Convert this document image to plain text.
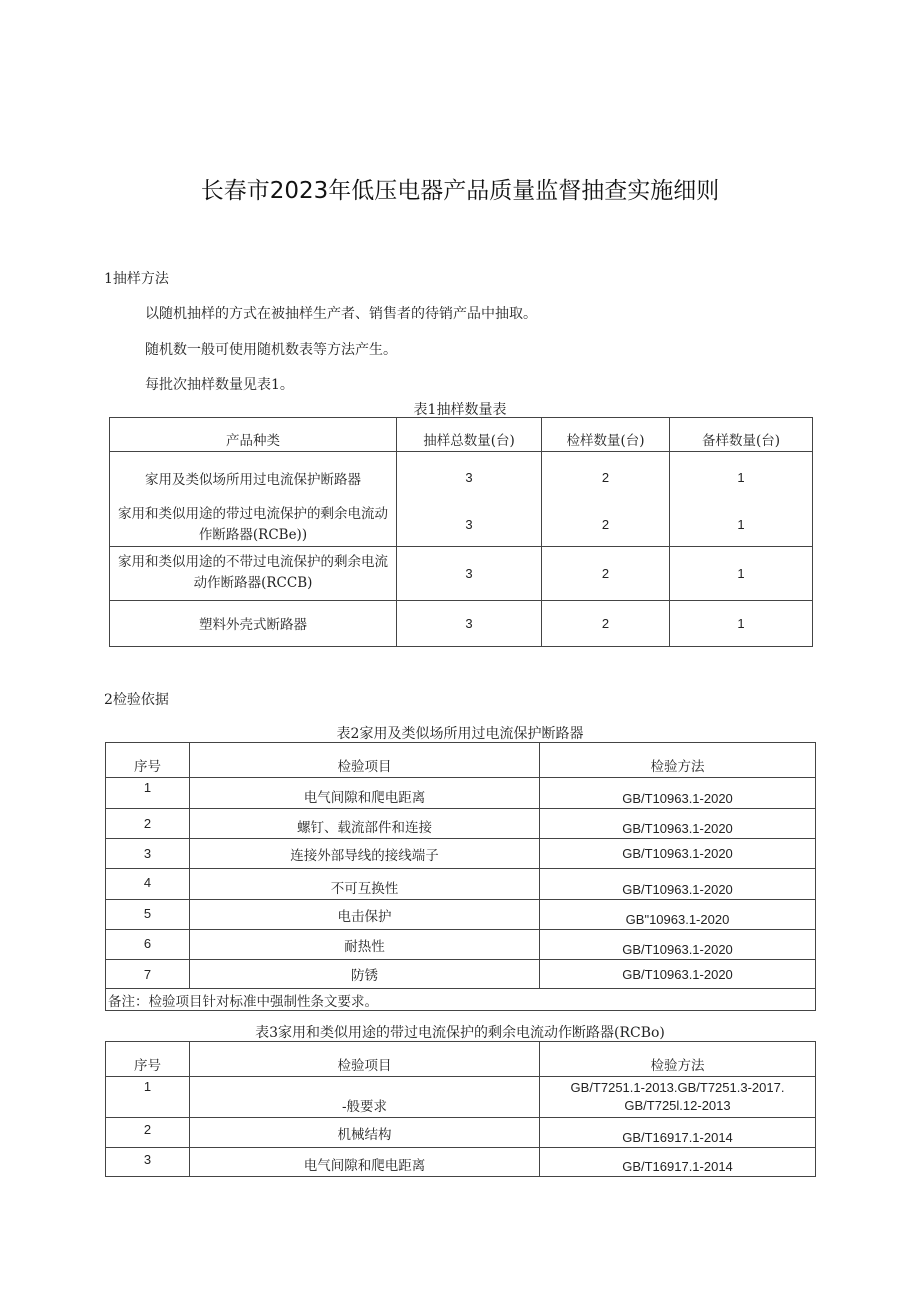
长春市2023年低压电器产品质量监督抽查实施细则
1抽样方法
以随机抽样的方式在被抽样生产者、销售者的待销产品中抽取。
随机数一般可使用随机数表等方法产生。
每批次抽样数量见表1。
表1抽样数量表
产品种类	抽样总数量(台)	检样数量(台)	备样数量(台)
家用及类似场所用过电流保护断路器	3	2	1
家用和类似用途的带过电流保护的剩余电流动作断路器(RCBe))	3	2	1
家用和类似用途的不带过电流保护的剩余电流动作断路器(RCCB)	3	2	1
塑料外壳式断路器	3	2	1
2检验依据
表2家用及类似场所用过电流保护断路器
序号	检验项目	检验方法
1	电气间隙和爬电距离	GB/T10963.1-2020
2	螺钉、载流部件和连接	GB/T10963.1-2020
3	连接外部导线的接线端子	GB/T10963.1-2020
4	不可互换性	GB/T10963.1-2020
5	电击保护	GB"10963.1-2020
6	耐热性	GB/T10963.1-2020
7	防锈	GB/T10963.1-2020
备注：检验项目针对标准中强制性条文要求。		
表3家用和类似用途的带过电流保护的剩余电流动作断路器(RCBo)
序号	检验项目	检验方法
1	-般要求	GB/T7251.1-2013.GB/T7251.3-2017.
GB/T725l.12-2013

2	机械结构	GB/T16917.1-2014
3	电气间隙和爬电距离	GB/T16917.1-2014
